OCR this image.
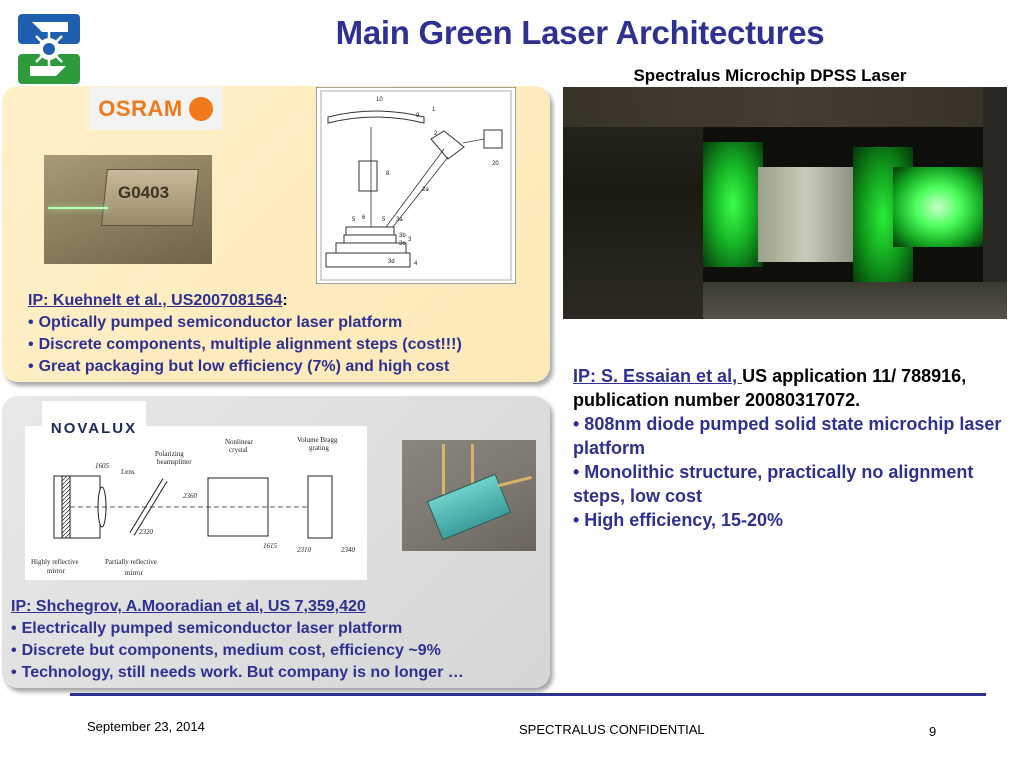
Main Green Laser Architectures
Spectralus Microchip DPSS Laser
OSRAM
G0403
10
9
1
2
20
8
2a
5 6	5 3a
3b
3c
3
3d	4
IP: Kuehnelt et al., US2007081564:
• Optically pumped semiconductor laser platform
• Discrete components, multiple alignment steps (cost!!!)
• Great packaging but low efficiency (7%) and high cost
1605
Lens
Polarizing
beamsplitter
Nonlinear
crystal
Volume Bragg
grating
2360
2320
1615	2310	2340
Highly reflective
mirror
Partially reflective
mirror
NOVALUX
IP: Shchegrov, A.Mooradian et al, US 7,359,420
• Electrically pumped semiconductor laser platform
• Discrete but components, medium cost, efficiency ~9%
• Technology, still needs work. But company is no longer …
IP: S. Essaian et al, US application 11/ 788916, publication number 20080317072.
• 808nm diode pumped solid state microchip laser platform
• Monolithic structure, practically no alignment steps, low cost
• High efficiency, 15-20%
September 23, 2014	SPECTRALUS CONFIDENTIAL	9
